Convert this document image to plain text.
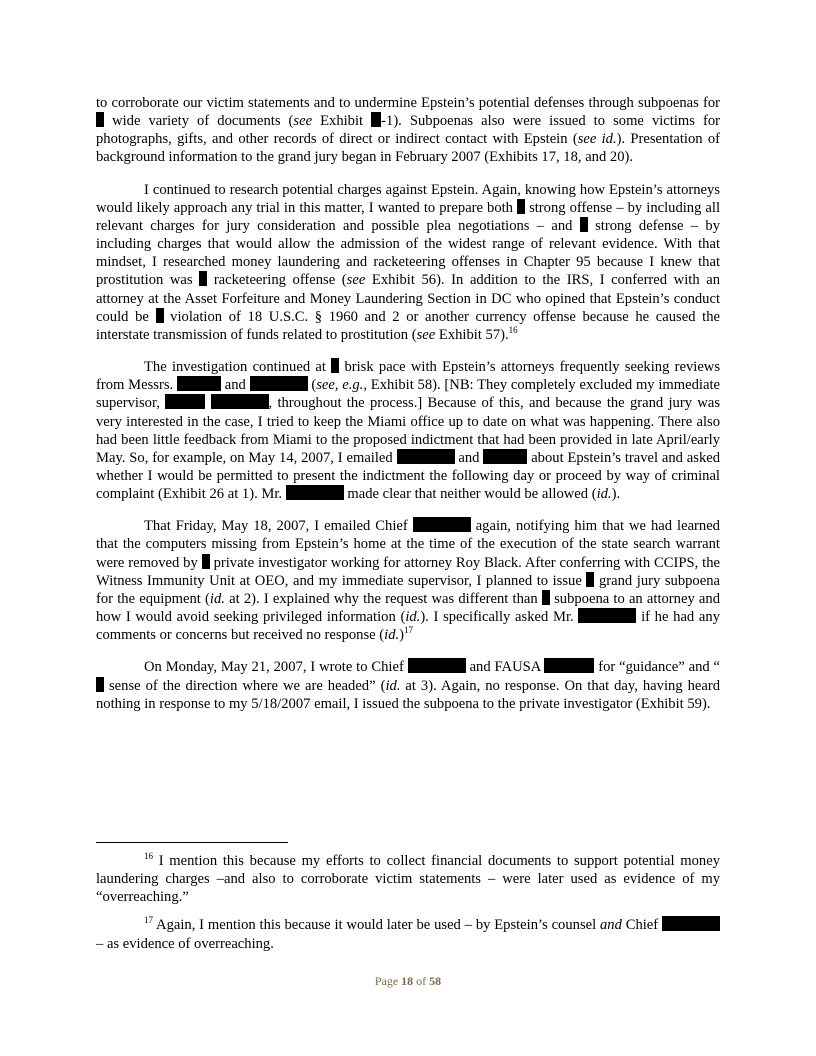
to corroborate our victim statements and to undermine Epstein’s potential defenses through subpoenas for  wide variety of documents (see Exhibit -1). Subpoenas also were issued to some victims for photographs, gifts, and other records of direct or indirect contact with Epstein (see id.). Presentation of background information to the grand jury began in February 2007 (Exhibits 17, 18, and 20).

I continued to research potential charges against Epstein. Again, knowing how Epstein’s attorneys would likely approach any trial in this matter, I wanted to prepare both strong offense – by including all relevant charges for jury consideration and possible plea negotiations – and strong defense – by including charges that would allow the admission of the widest range of relevant evidence. With that mindset, I researched money laundering and racketeering offenses in Chapter 95 because I knew that prostitution was racketeering offense (see Exhibit 56). In addition to the IRS, I conferred with an attorney at the Asset Forfeiture and Money Laundering Section in DC who opined that Epstein’s conduct could be violation of 18 U.S.C. § 1960 and 2 or another currency offense because he caused the interstate transmission of funds related to prostitution (see Exhibit 57).$^{16}$

The investigation continued at brisk pace with Epstein’s attorneys frequently seeking reviews from Messrs.	and	(see, e.g., Exhibit 58). [NB: They completely excluded my immediate supervisor,	, throughout the process.] Because of this, and because the grand jury was very interested in the case, I tried to keep the Miami office up to date on what was happening. There also had been little feedback from Miami to the proposed indictment that had been provided in late April/early May. So, for example, on May 14, 2007, I emailed	and	about Epstein’s travel and asked whether I would be permitted to present the indictment the following day or proceed by way of criminal complaint (Exhibit 26 at 1). Mr.	made clear that neither would be allowed (id.).

That Friday, May 18, 2007, I emailed Chief	again, notifying him that we had learned that the computers missing from Epstein’s home at the time of the execution of the state search warrant were removed by private investigator working for attorney Roy Black. After conferring with CCIPS, the Witness Immunity Unit at OEO, and my immediate supervisor, I planned to issue grand jury subpoena for the equipment (id. at 2). I explained why the request was different than subpoena to an attorney and how I would avoid seeking privileged information (id.). I specifically asked Mr.	if he had any comments or concerns but received no response (id.)$^{17}$

On Monday, May 21, 2007, I wrote to Chief	and FAUSA	for “guidance” and “ sense of the direction where we are headed” (id. at 3). Again, no response. On that day, having heard nothing in response to my 5/18/2007 email, I issued the subpoena to the private investigator (Exhibit 59).

$^{16}$ I mention this because my efforts to collect financial documents to support potential money laundering charges –and also to corroborate victim statements – were later used as evidence of my “overreaching.”

$^{17}$ Again, I mention this because it would later be used – by Epstein’s counsel and Chief  – as evidence of overreaching.

Page 18 of 58
